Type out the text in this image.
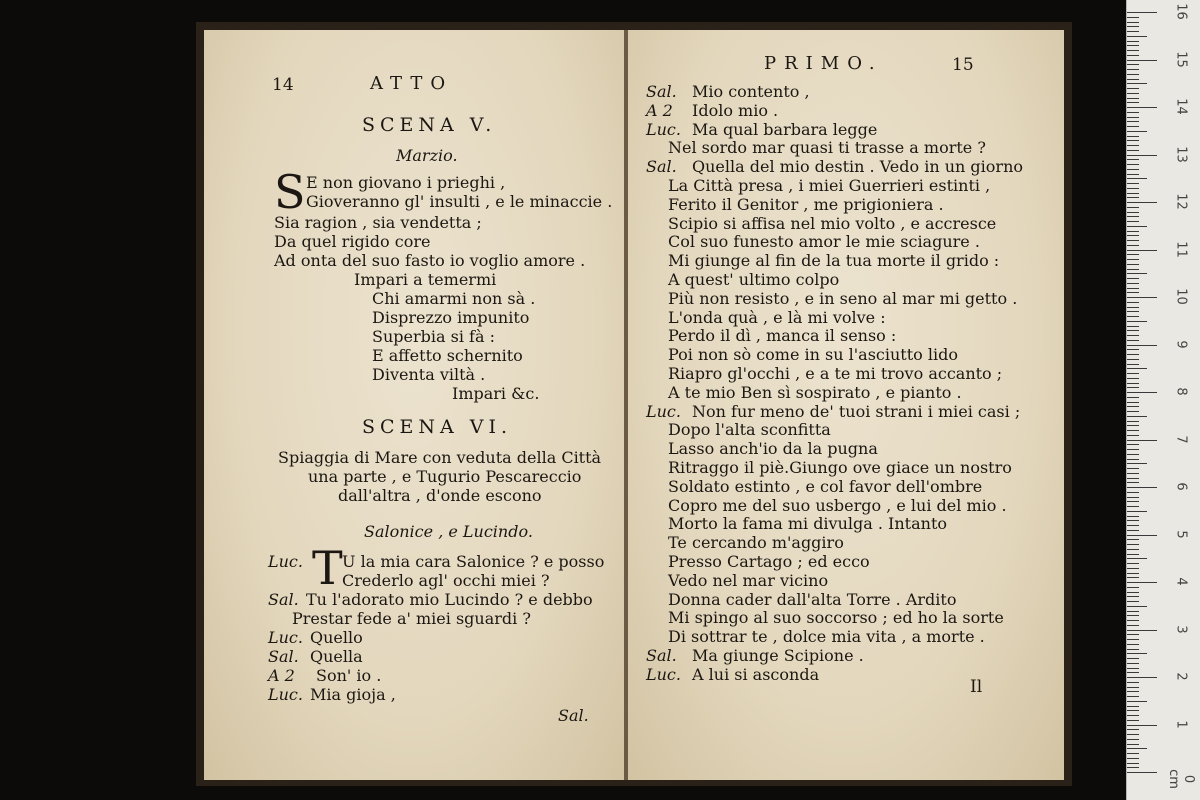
14	ATTO
SCENA V.
Marzio.
S E non giovano i prieghi ,
Gioveranno gl' insulti , e le minaccie .
Sia ragion , sia vendetta ;
Da quel rigido core
Ad onta del suo fasto io voglio amore .
Impari a temermi
Chi amarmi non sà .
Disprezzo impunito
Superbia si fà :
E affetto schernito
Diventa viltà .
Impari &c.
SCENA VI.
Spiaggia di Mare con veduta della Città
una parte , e Tugurio Pescareccio
dall'altra , d'onde escono
Salonice , e Lucindo.
T
Luc. U la mia cara Salonice ? e posso
Crederlo agl' occhi miei ?
Sal. Tu l'adorato mio Lucindo ? e debbo
Prestar fede a' miei sguardi ?
Luc. Quello
Sal. Quella
A 2 Son' io .
Luc. Mia gioja ,
Sal.
PRIMO.	15
Sal. Mio contento ,
A 2 Idolo mio .
Luc. Ma qual barbara legge
Nel sordo mar quasi ti trasse a morte ?
Sal. Quella del mio destin . Vedo in un giorno
La Città presa , i miei Guerrieri estinti ,
Ferito il Genitor , me prigioniera .
Scipio si affisa nel mio volto , e accresce
Col suo funesto amor le mie sciagure .
Mi giunge al fin de la tua morte il grido :
A quest' ultimo colpo
Più non resisto , e in seno al mar mi getto .
L'onda quà , e là mi volve :
Perdo il dì , manca il senso :
Poi non sò come in su l'asciutto lido
Riapro gl'occhi , e a te mi trovo accanto ;
A te mio Ben sì sospirato , e pianto .
Luc. Non fur meno de' tuoi strani i miei casi ;
Dopo l'alta sconfitta
Lasso anch'io da la pugna
Ritraggo il piè.Giungo ove giace un nostro
Soldato estinto , e col favor dell'ombre
Copro me del suo usbergo , e lui del mio .
Morto la fama mi divulga . Intanto
Te cercando m'aggiro
Presso Cartago ; ed ecco
Vedo nel mar vicino
Donna cader dall'alta Torre . Ardito
Mi spingo al suo soccorso ; ed ho la sorte
Di sottrar te , dolce mia vita , a morte .
Sal. Ma giunge Scipione .
Luc. A lui si asconda
Il
16
15
14
13
12
11
10
9
8
7
6
5
4
3
2
1
0 cm
